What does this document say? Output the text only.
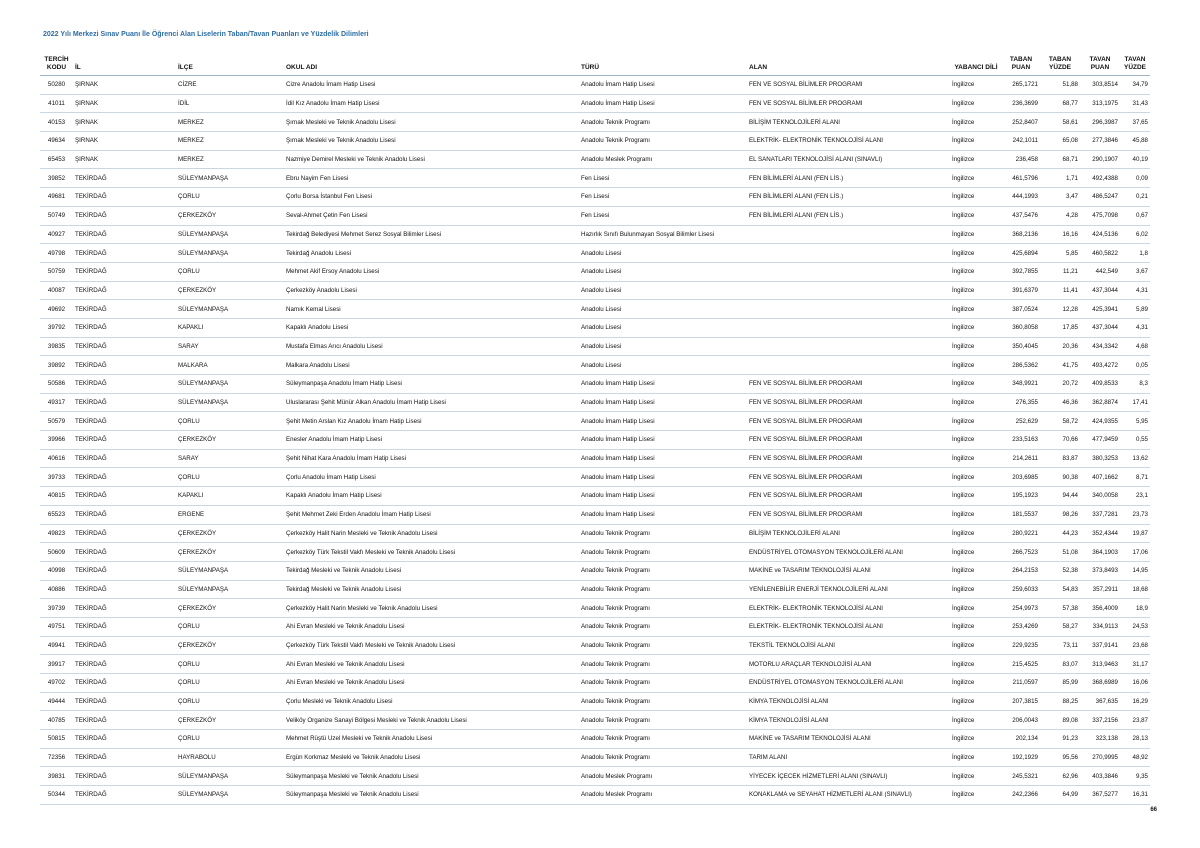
2022 Yılı Merkezi Sınav Puanı İle Öğrenci Alan Liselerin Taban/Tavan Puanları ve Yüzdelik Dilimleri
TERCİH KODU	İL	İLÇE	OKUL ADI	TÜRÜ	ALAN	YABANCI DİLİ	TABAN PUAN	TABAN YÜZDE	TAVAN PUAN	TAVAN YÜZDE
50280	ŞIRNAK	CİZRE	Cizre Anadolu İmam Hatip Lisesi	Anadolu İmam Hatip Lisesi	FEN VE SOSYAL BİLİMLER PROGRAMI	İngilizce	265,1721	51,88	303,8514	34,79
41011	ŞIRNAK	İDİL	İdil Kız Anadolu İmam Hatip Lisesi	Anadolu İmam Hatip Lisesi	FEN VE SOSYAL BİLİMLER PROGRAMI	İngilizce	236,3699	68,77	313,1975	31,43
40153	ŞIRNAK	MERKEZ	Şırnak Mesleki ve Teknik Anadolu Lisesi	Anadolu Teknik Programı	BİLİŞİM TEKNOLOJİLERİ ALANI	İngilizce	252,8407	58,61	296,3987	37,65
49634	ŞIRNAK	MERKEZ	Şırnak Mesleki ve Teknik Anadolu Lisesi	Anadolu Teknik Programı	ELEKTRİK- ELEKTRONİK TEKNOLOJİSİ ALANI	İngilizce	242,1011	65,08	277,3846	45,88
65453	ŞIRNAK	MERKEZ	Nazmiye Demirel Mesleki ve Teknik Anadolu Lisesi	Anadolu Meslek Programı	EL SANATLARI TEKNOLOJİSİ ALANI (SINAVLI)	İngilizce	236,458	68,71	290,1907	40,19
39852	TEKİRDAĞ	SÜLEYMANPAŞA	Ebru Nayim Fen Lisesi	Fen Lisesi	FEN BİLİMLERİ ALANI (FEN LİS.)	İngilizce	461,5796	1,71	492,4388	0,09
49681	TEKİRDAĞ	ÇORLU	Çorlu Borsa İstanbul Fen Lisesi	Fen Lisesi	FEN BİLİMLERİ ALANI (FEN LİS.)	İngilizce	444,1993	3,47	486,5247	0,21
50749	TEKİRDAĞ	ÇERKEZKÖY	Seval-Ahmet Çetin Fen Lisesi	Fen Lisesi	FEN BİLİMLERİ ALANI (FEN LİS.)	İngilizce	437,5476	4,28	475,7098	0,67
40927	TEKİRDAĞ	SÜLEYMANPAŞA	Tekirdağ Belediyesi Mehmet Serez Sosyal Bilimler Lisesi	Hazırlık Sınıfı Bulunmayan Sosyal Bilimler Lisesi		İngilizce	368,2136	16,16	424,5136	6,02
49798	TEKİRDAĞ	SÜLEYMANPAŞA	Tekirdağ Anadolu Lisesi	Anadolu Lisesi		İngilizce	425,6894	5,85	460,5822	1,8
50759	TEKİRDAĞ	ÇORLU	Mehmet Akif Ersoy Anadolu Lisesi	Anadolu Lisesi		İngilizce	392,7855	11,21	442,549	3,67
40087	TEKİRDAĞ	ÇERKEZKÖY	Çerkezköy Anadolu Lisesi	Anadolu Lisesi		İngilizce	391,6379	11,41	437,3044	4,31
49692	TEKİRDAĞ	SÜLEYMANPAŞA	Namık Kemal Lisesi	Anadolu Lisesi		İngilizce	387,0524	12,28	425,3941	5,89
39792	TEKİRDAĞ	KAPAKLI	Kapaklı Anadolu Lisesi	Anadolu Lisesi		İngilizce	360,8058	17,85	437,3044	4,31
39835	TEKİRDAĞ	SARAY	Mustafa Elmas Arıcı Anadolu Lisesi	Anadolu Lisesi		İngilizce	350,4045	20,36	434,3342	4,68
39892	TEKİRDAĞ	MALKARA	Malkara Anadolu Lisesi	Anadolu Lisesi		İngilizce	286,5362	41,75	493,4272	0,05
50586	TEKİRDAĞ	SÜLEYMANPAŞA	Süleymanpaşa Anadolu İmam Hatip Lisesi	Anadolu İmam Hatip Lisesi	FEN VE SOSYAL BİLİMLER PROGRAMI	İngilizce	348,9921	20,72	409,8533	8,3
49317	TEKİRDAĞ	SÜLEYMANPAŞA	Uluslararası Şehit Münür Alkan Anadolu İmam Hatip Lisesi	Anadolu İmam Hatip Lisesi	FEN VE SOSYAL BİLİMLER PROGRAMI	İngilizce	276,355	46,36	362,8874	17,41
50579	TEKİRDAĞ	ÇORLU	Şehit Metin Arslan Kız Anadolu İmam Hatip Lisesi	Anadolu İmam Hatip Lisesi	FEN VE SOSYAL BİLİMLER PROGRAMI	İngilizce	252,629	58,72	424,9355	5,95
39966	TEKİRDAĞ	ÇERKEZKÖY	Enesler Anadolu İmam Hatip Lisesi	Anadolu İmam Hatip Lisesi	FEN VE SOSYAL BİLİMLER PROGRAMI	İngilizce	233,5163	70,66	477,9459	0,55
40616	TEKİRDAĞ	SARAY	Şehit Nihat Kara Anadolu İmam Hatip Lisesi	Anadolu İmam Hatip Lisesi	FEN VE SOSYAL BİLİMLER PROGRAMI	İngilizce	214,2611	83,87	380,3253	13,62
39733	TEKİRDAĞ	ÇORLU	Çorlu Anadolu İmam Hatip Lisesi	Anadolu İmam Hatip Lisesi	FEN VE SOSYAL BİLİMLER PROGRAMI	İngilizce	203,6985	90,38	407,1662	8,71
40815	TEKİRDAĞ	KAPAKLI	Kapaklı Anadolu İmam Hatip Lisesi	Anadolu İmam Hatip Lisesi	FEN VE SOSYAL BİLİMLER PROGRAMI	İngilizce	195,1923	94,44	340,0058	23,1
65523	TEKİRDAĞ	ERGENE	Şehit Mehmet Zeki Erden Anadolu İmam Hatip Lisesi	Anadolu İmam Hatip Lisesi	FEN VE SOSYAL BİLİMLER PROGRAMI	İngilizce	181,5537	98,26	337,7281	23,73
49823	TEKİRDAĞ	ÇERKEZKÖY	Çerkezköy Halit Narin Mesleki ve Teknik Anadolu Lisesi	Anadolu Teknik Programı	BİLİŞİM TEKNOLOJİLERİ ALANI	İngilizce	280,9221	44,23	352,4344	19,87
50609	TEKİRDAĞ	ÇERKEZKÖY	Çerkezköy Türk Tekstil Vakfı Mesleki ve Teknik Anadolu Lisesi	Anadolu Teknik Programı	ENDÜSTRİYEL OTOMASYON TEKNOLOJİLERİ ALANI	İngilizce	266,7523	51,08	364,1903	17,06
40998	TEKİRDAĞ	SÜLEYMANPAŞA	Tekirdağ Mesleki ve Teknik Anadolu Lisesi	Anadolu Teknik Programı	MAKİNE ve TASARIM TEKNOLOJİSİ ALANI	İngilizce	264,2153	52,38	373,8493	14,95
40886	TEKİRDAĞ	SÜLEYMANPAŞA	Tekirdağ Mesleki ve Teknik Anadolu Lisesi	Anadolu Teknik Programı	YENİLENEBİLİR ENERJİ TEKNOLOJİLERİ ALANI	İngilizce	259,6033	54,83	357,2911	18,68
39739	TEKİRDAĞ	ÇERKEZKÖY	Çerkezköy Halit Narin Mesleki ve Teknik Anadolu Lisesi	Anadolu Teknik Programı	ELEKTRİK- ELEKTRONİK TEKNOLOJİSİ ALANI	İngilizce	254,9973	57,38	356,4009	18,9
49751	TEKİRDAĞ	ÇORLU	Ahi Evran Mesleki ve Teknik Anadolu Lisesi	Anadolu Teknik Programı	ELEKTRİK- ELEKTRONİK TEKNOLOJİSİ ALANI	İngilizce	253,4269	58,27	334,9113	24,53
49941	TEKİRDAĞ	ÇERKEZKÖY	Çerkezköy Türk Tekstil Vakfı Mesleki ve Teknik Anadolu Lisesi	Anadolu Teknik Programı	TEKSTİL TEKNOLOJİSİ ALANI	İngilizce	229,9235	73,11	337,9141	23,68
39917	TEKİRDAĞ	ÇORLU	Ahi Evran Mesleki ve Teknik Anadolu Lisesi	Anadolu Teknik Programı	MOTORLU ARAÇLAR TEKNOLOJİSİ ALANI	İngilizce	215,4525	83,07	313,9463	31,17
49702	TEKİRDAĞ	ÇORLU	Ahi Evran Mesleki ve Teknik Anadolu Lisesi	Anadolu Teknik Programı	ENDÜSTRİYEL OTOMASYON TEKNOLOJİLERİ ALANI	İngilizce	211,0597	85,99	368,6989	16,06
49444	TEKİRDAĞ	ÇORLU	Çorlu Mesleki ve Teknik Anadolu Lisesi	Anadolu Teknik Programı	KİMYA TEKNOLOJİSİ ALANI	İngilizce	207,3815	88,25	367,635	16,29
40785	TEKİRDAĞ	ÇERKEZKÖY	Veliköy Organize Sanayi Bölgesi Mesleki ve Teknik Anadolu Lisesi	Anadolu Teknik Programı	KİMYA TEKNOLOJİSİ ALANI	İngilizce	206,0043	89,08	337,2156	23,87
50815	TEKİRDAĞ	ÇORLU	Mehmet Rüştü Uzel Mesleki ve Teknik Anadolu Lisesi	Anadolu Teknik Programı	MAKİNE ve TASARIM TEKNOLOJİSİ ALANI	İngilizce	202,134	91,23	323,138	28,13
72356	TEKİRDAĞ	HAYRABOLU	Ergün Korkmaz Mesleki ve Teknik Anadolu Lisesi	Anadolu Teknik Programı	TARIM ALANI	İngilizce	192,1929	95,56	270,9995	48,92
39831	TEKİRDAĞ	SÜLEYMANPAŞA	Süleymanpaşa Mesleki ve Teknik Anadolu Lisesi	Anadolu Meslek Programı	YİYECEK İÇECEK HİZMETLERİ ALANI (SINAVLI)	İngilizce	245,5321	62,96	403,3846	9,35
50344	TEKİRDAĞ	SÜLEYMANPAŞA	Süleymanpaşa Mesleki ve Teknik Anadolu Lisesi	Anadolu Meslek Programı	KONAKLAMA ve SEYAHAT HİZMETLERİ ALANI (SINAVLI)	İngilizce	242,2366	64,99	367,5277	16,31
66
